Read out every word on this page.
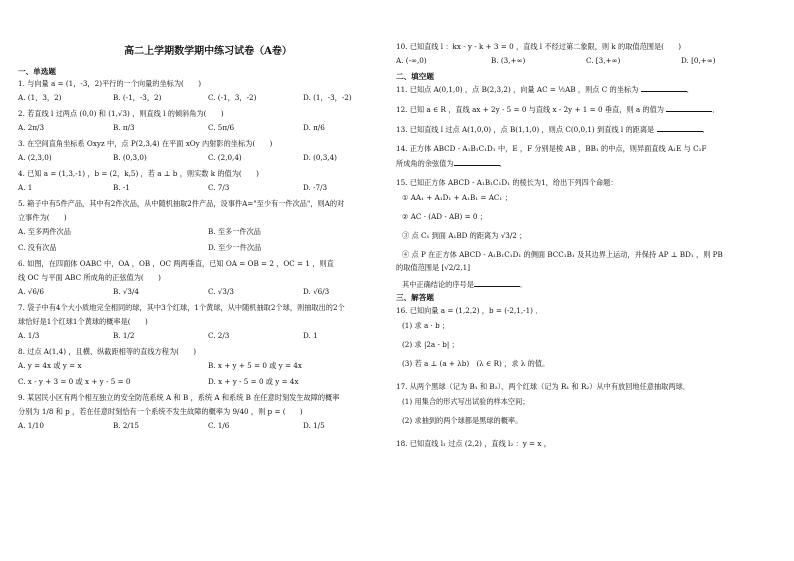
高二上学期数学期中练习试卷（A卷）
一、单选题
1. 与向量 a = (1，-3，2)平行的一个向量的坐标为(　　)
A. (1，3，2)	B. (-1，-3，2)	C. (-1，3，-2)	D. (1，-3，-2)
2. 若直线 l 过两点 (0,0) 和 (1,√3) ，则直线 l 的倾斜角为(　　)
A. 2π/3	B. π/3	C. 5π/6	D. π/6
3. 在空间直角坐标系 Oxyz 中，点 P(2,3,4) 在平面 xOy 内射影的坐标为(　　)
A. (2,3,0)	B. (0,3,0)	C. (2,0,4)	D. (0,3,4)
4. 已知 a = (1,3,-1) ，b = (2，k,5) ，若 a ⊥ b ，则实数 k 的值为(　　)
A. 1	B. -1	C. 7/3	D. -7/3
5. 箱子中有5件产品，其中有2件次品，从中随机抽取2件产品，设事件A="至少有一件次品"，则A的对
立事件为(　　)
A. 至多两件次品	B. 至多一件次品
C. 没有次品	D. 至少一件次品
6. 如图，在四面体 OABC 中，OA ，OB ，OC 两两垂直，已知 OA = OB = 2 ，OC = 1 ，则直
线 OC 与平面 ABC 所成角的正弦值为(　　)
A. √6/6	B. √3/4	C. √3/3	D. √6/3
7. 袋子中有4个大小质地完全相同的球，其中3个红球，1个黄球，从中随机抽取2个球，则抽取出的2个
球恰好是1个红球1个黄球的概率是(　　)
A. 1/3	B. 1/2	C. 2/3	D. 1
8. 过点 A(1,4) ，且横、纵截距相等的直线方程为(　　)
A. y = 4x 或 y = x	B. x + y + 5 = 0 或 y = 4x
C. x - y + 3 = 0 或 x + y - 5 = 0	D. x + y - 5 = 0 或 y = 4x
9. 某居民小区有两个相互独立的安全防范系统 A 和 B ，系统 A 和系统 B 在任意时刻发生故障的概率
分别为 1/8 和 p ，若在任意时刻恰有一个系统不发生故障的概率为 9/40 ，则 p = (　　)
A. 1/10	B. 2/15	C. 1/6	D. 1/5
10. 已知直线 l ：kx - y - k + 3 = 0 ，直线 l 不经过第二象限，则 k 的取值范围是(　　)
A. (-∞,0)	B. (3,+∞)	C. [3,+∞)	D. [0,+∞)
二、填空题
11. 已知点 A(0,1,0) ，点 B(2,3,2) ，向量 AC = ½AB ，则点 C 的坐标为	．
12. 已知 a ∈ R ，直线 ax + 2y - 5 = 0 与直线 x - 2y + 1 = 0 垂直，则 a 的值为	．
13. 已知直线 l 过点 A(1,0,0) ，点 B(1,1,0) ，则点 C(0,0,1) 到直线 l 的距离是	．
14. 正方体 ABCD - A₁B₁C₁D₁ 中，E ，F 分别是棱 AB ，BB₁ 的中点，则异面直线 A₁E 与 C₁F
所成角的余弦值为	．
15. 已知正方体 ABCD - A₁B₁C₁D₁ 的棱长为1，给出下列四个命题：
① AA₁ + A₁D₁ + A₁B₁ = AC₁ ；
② AC · (AD - AB) = 0 ；
③ 点 C₁ 到面 A₁BD 的距离为 √3/2 ；
④ 点 P 在正方体 ABCD - A₁B₁C₁D₁ 的侧面 BCC₁B₁ 及其边界上运动，并保持 AP ⊥ BD₁ ，则 PB
的取值范围是 [√2/2,1]
其中正确结论的序号是	．
三、解答题
16. 已知向量 a = (1,2,2) ，b = (-2,1,-1) ．
(1) 求 a · b ；
(2) 求 |2a - b| ；
(3) 若 a ⊥ (a + λb)　(λ ∈ R) ，求 λ 的值。
17. 从两个黑球（记为 B₁ 和 B₂）、两个红球（记为 R₁ 和 R₂）从中有放回地任意抽取两球．
(1) 用集合的形式写出试验的样本空间；
(2) 求抽到的两个球都是黑球的概率。
18. 已知直线 l₁ 过点 (2,2) ，直线 l₂ ：y = x ，
